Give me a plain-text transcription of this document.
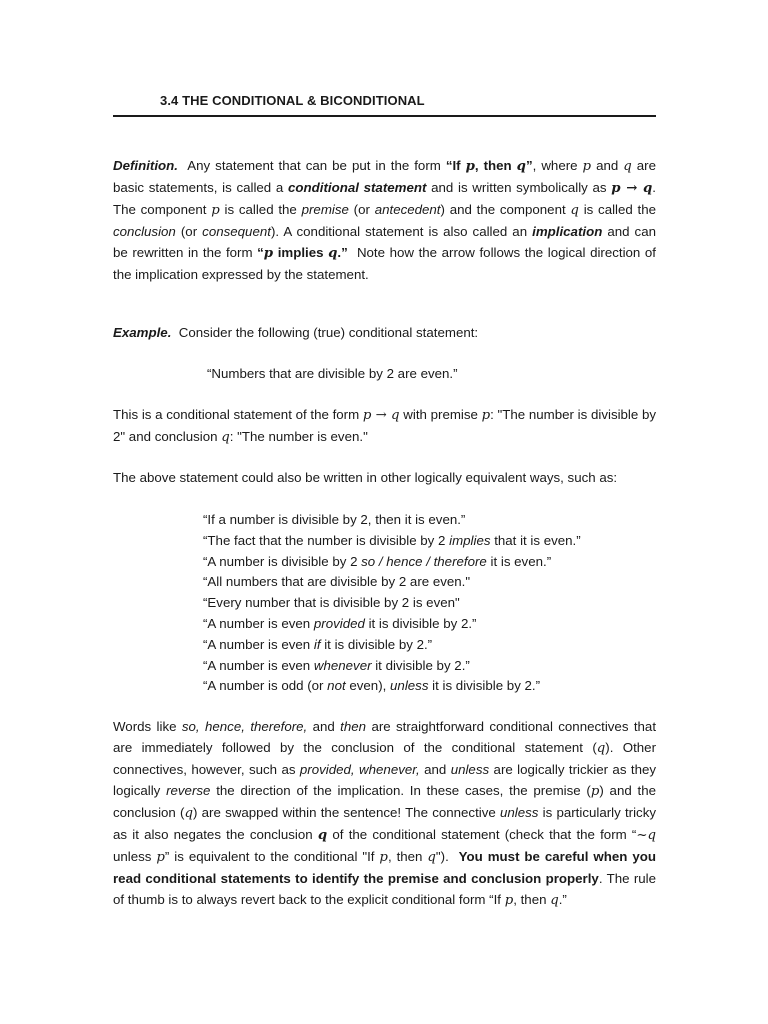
3.4 THE CONDITIONAL & BICONDITIONAL

Definition. Any statement that can be put in the form “If p, then q”, where p and q are basic statements, is called a conditional statement and is written symbolically as p → q. The component p is called the premise (or antecedent) and the component q is called the conclusion (or consequent). A conditional statement is also called an implication and can be rewritten in the form “p implies q.” Note how the arrow follows the logical direction of the implication expressed by the statement.

Example. Consider the following (true) conditional statement:

“Numbers that are divisible by 2 are even.”

This is a conditional statement of the form p → q with premise p: "The number is divisible by 2" and conclusion q: "The number is even."

The above statement could also be written in other logically equivalent ways, such as:

“If a number is divisible by 2, then it is even.”
“The fact that the number is divisible by 2 implies that it is even.”
“A number is divisible by 2 so / hence / therefore it is even.”
“All numbers that are divisible by 2 are even."
“Every number that is divisible by 2 is even"
“A number is even provided it is divisible by 2.”
“A number is even if it is divisible by 2.”
“A number is even whenever it divisible by 2.”
“A number is odd (or not even), unless it is divisible by 2.”

Words like so, hence, therefore, and then are straightforward conditional connectives that are immediately followed by the conclusion of the conditional statement (q). Other connectives, however, such as provided, whenever, and unless are logically trickier as they logically reverse the direction of the implication. In these cases, the premise (p) and the conclusion (q) are swapped within the sentence! The connective unless is particularly tricky as it also negates the conclusion q of the conditional statement (check that the form “~q unless p” is equivalent to the conditional "If p, then q"). You must be careful when you read conditional statements to identify the premise and conclusion properly. The rule of thumb is to always revert back to the explicit conditional form “If p, then q.”
